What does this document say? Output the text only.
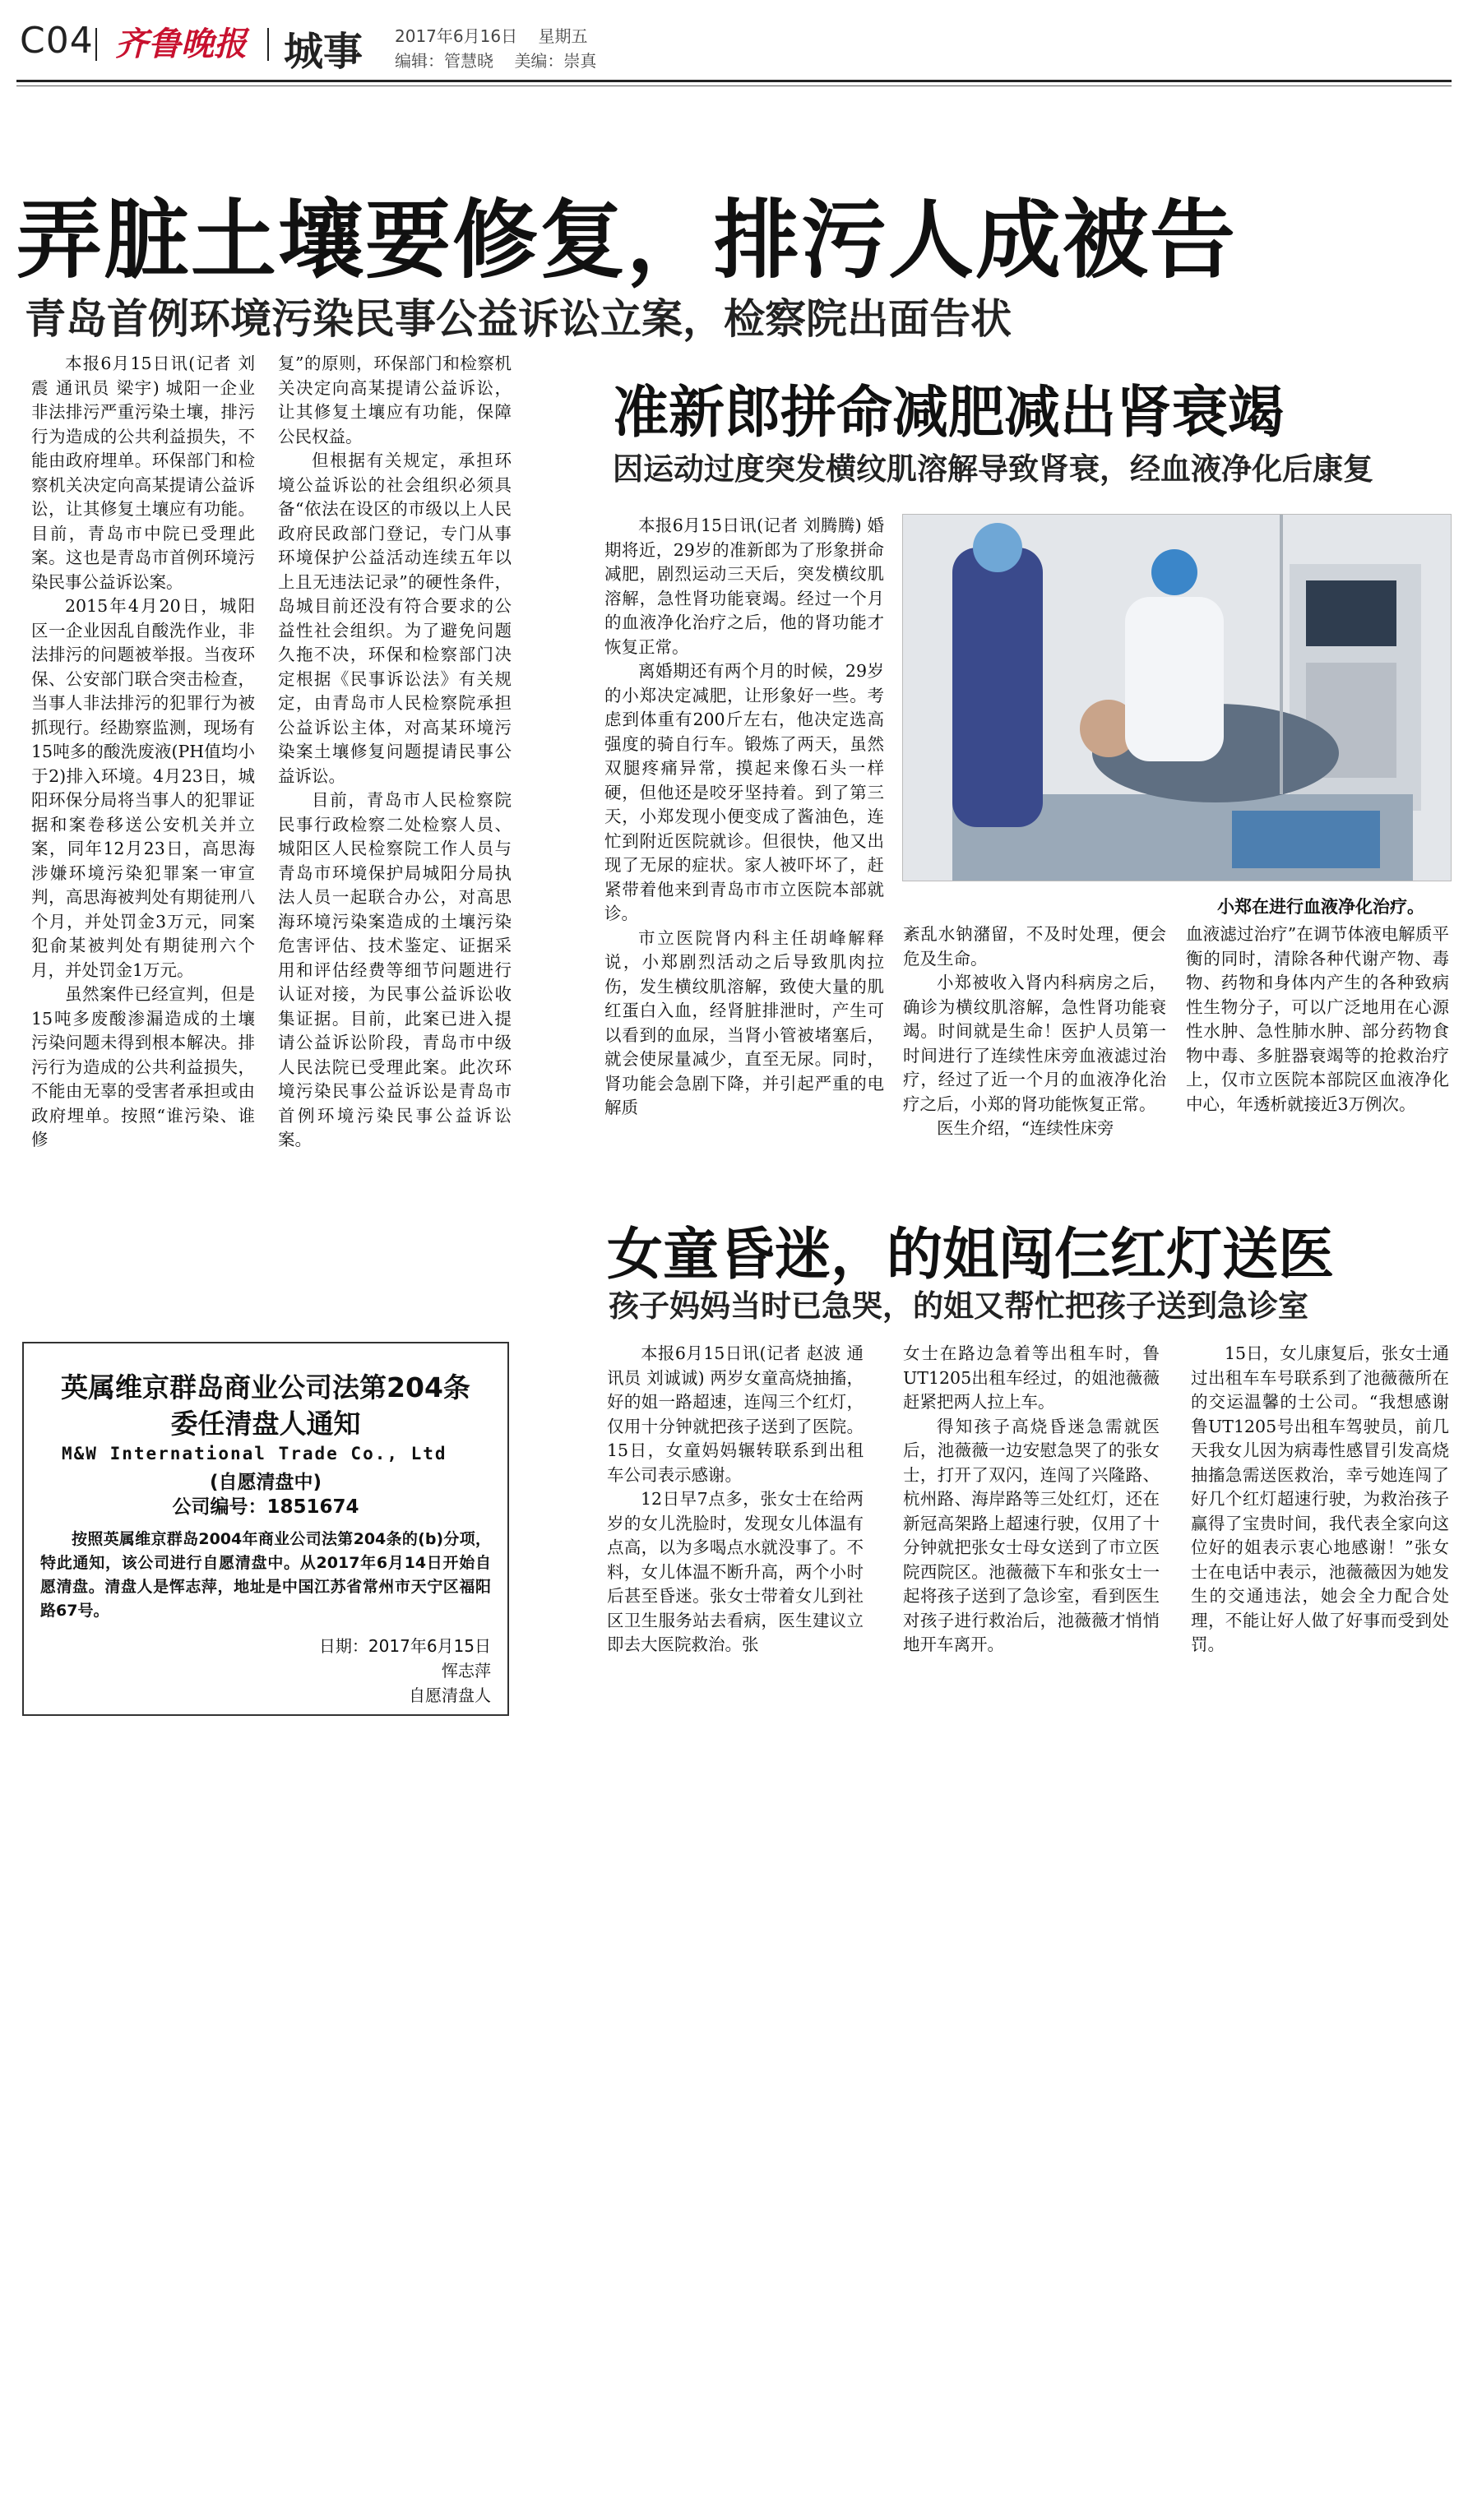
C04 齐鲁晚报 城事 2017年6月16日 星期五
编辑：管慧晓 美编：崇真
弄脏土壤要修复，排污人成被告
青岛首例环境污染民事公益诉讼立案，检察院出面告状

本报6月15日讯(记者 刘震 通讯员 梁宇) 城阳一企业非法排污严重污染土壤，排污行为造成的公共利益损失，不能由政府埋单。环保部门和检察机关决定向高某提请公益诉讼，让其修复土壤应有功能。目前，青岛市中院已受理此案。这也是青岛市首例环境污染民事公益诉讼案。

2015年4月20日，城阳区一企业因乱自酸洗作业，非法排污的问题被举报。当夜环保、公安部门联合突击检查，当事人非法排污的犯罪行为被抓现行。经勘察监测，现场有15吨多的酸洗废液(PH值均小于2)排入环境。4月23日，城阳环保分局将当事人的犯罪证据和案卷移送公安机关并立案，同年12月23日，高思海涉嫌环境污染犯罪案一审宣判，高思海被判处有期徒刑八个月，并处罚金3万元，同案犯俞某被判处有期徒刑六个月，并处罚金1万元。

虽然案件已经宣判，但是15吨多废酸渗漏造成的土壤污染问题未得到根本解决。排污行为造成的公共利益损失，不能由无辜的受害者承担或由政府埋单。按照“谁污染、谁修

复”的原则，环保部门和检察机关决定向高某提请公益诉讼，让其修复土壤应有功能，保障公民权益。

但根据有关规定，承担环境公益诉讼的社会组织必须具备“依法在设区的市级以上人民政府民政部门登记，专门从事环境保护公益活动连续五年以上且无违法记录”的硬性条件，岛城目前还没有符合要求的公益性社会组织。为了避免问题久拖不决，环保和检察部门决定根据《民事诉讼法》有关规定，由青岛市人民检察院承担公益诉讼主体，对高某环境污染案土壤修复问题提请民事公益诉讼。

目前，青岛市人民检察院民事行政检察二处检察人员、城阳区人民检察院工作人员与青岛市环境保护局城阳分局执法人员一起联合办公，对高思海环境污染案造成的土壤污染危害评估、技术鉴定、证据采用和评估经费等细节问题进行认证对接，为民事公益诉讼收集证据。目前，此案已进入提请公益诉讼阶段，青岛市中级人民法院已受理此案。此次环境污染民事公益诉讼是青岛市首例环境污染民事公益诉讼案。

准新郎拼命减肥减出肾衰竭
因运动过度突发横纹肌溶解导致肾衰，经血液净化后康复

本报6月15日讯(记者 刘腾腾) 婚期将近，29岁的准新郎为了形象拼命减肥，剧烈运动三天后，突发横纹肌溶解，急性肾功能衰竭。经过一个月的血液净化治疗之后，他的肾功能才恢复正常。

离婚期还有两个月的时候，29岁的小郑决定减肥，让形象好一些。考虑到体重有200斤左右，他决定选高强度的骑自行车。锻炼了两天，虽然双腿疼痛异常，摸起来像石头一样硬，但他还是咬牙坚持着。到了第三天，小郑发现小便变成了酱油色，连忙到附近医院就诊。但很快，他又出现了无尿的症状。家人被吓坏了，赶紧带着他来到青岛市市立医院本部就诊。

市立医院肾内科主任胡峰解释说，小郑剧烈活动之后导致肌肉拉伤，发生横纹肌溶解，致使大量的肌红蛋白入血，经肾脏排泄时，产生可以看到的血尿，当肾小管被堵塞后，就会使尿量减少，直至无尿。同时，肾功能会急剧下降，并引起严重的电解质

小郑在进行血液净化治疗。

紊乱水钠潴留，不及时处理，便会危及生命。

小郑被收入肾内科病房之后，确诊为横纹肌溶解，急性肾功能衰竭。时间就是生命！医护人员第一时间进行了连续性床旁血液滤过治疗，经过了近一个月的血液净化治疗之后，小郑的肾功能恢复正常。

医生介绍，“连续性床旁

血液滤过治疗”在调节体液电解质平衡的同时，清除各种代谢产物、毒物、药物和身体内产生的各种致病性生物分子，可以广泛地用在心源性水肿、急性肺水肿、部分药物食物中毒、多脏器衰竭等的抢救治疗上，仅市立医院本部院区血液净化中心，年透析就接近3万例次。

女童昏迷，的姐闯仨红灯送医
孩子妈妈当时已急哭，的姐又帮忙把孩子送到急诊室

本报6月15日讯(记者 赵波 通讯员 刘诚诚) 两岁女童高烧抽搐，好的姐一路超速，连闯三个红灯，仅用十分钟就把孩子送到了医院。15日，女童妈妈辗转联系到出租车公司表示感谢。

12日早7点多，张女士在给两岁的女儿洗脸时，发现女儿体温有点高，以为多喝点水就没事了。不料，女儿体温不断升高，两个小时后甚至昏迷。张女士带着女儿到社区卫生服务站去看病，医生建议立即去大医院救治。张

女士在路边急着等出租车时，鲁UT1205出租车经过，的姐池薇薇赶紧把两人拉上车。

得知孩子高烧昏迷急需就医后，池薇薇一边安慰急哭了的张女士，打开了双闪，连闯了兴隆路、杭州路、海岸路等三处红灯，还在新冠高架路上超速行驶，仅用了十分钟就把张女士母女送到了市立医院西院区。池薇薇下车和张女士一起将孩子送到了急诊室，看到医生对孩子进行救治后，池薇薇才悄悄地开车离开。

15日，女儿康复后，张女士通过出租车车号联系到了池薇薇所在的交运温馨的士公司。“我想感谢鲁UT1205号出租车驾驶员，前几天我女儿因为病毒性感冒引发高烧抽搐急需送医救治，幸亏她连闯了好几个红灯超速行驶，为救治孩子赢得了宝贵时间，我代表全家向这位好的姐表示衷心地感谢！”张女士在电话中表示，池薇薇因为她发生的交通违法，她会全力配合处理，不能让好人做了好事而受到处罚。

英属维京群岛商业公司法第204条
委任清盘人通知
M&W International Trade Co., Ltd
(自愿清盘中)
公司编号：1851674
按照英属维京群岛2004年商业公司法第204条的(b)分项，特此通知，该公司进行自愿清盘中。从2017年6月14日开始自愿清盘。清盘人是恽志萍，地址是中国江苏省常州市天宁区福阳路67号。
日期：2017年6月15日
恽志萍
自愿清盘人
